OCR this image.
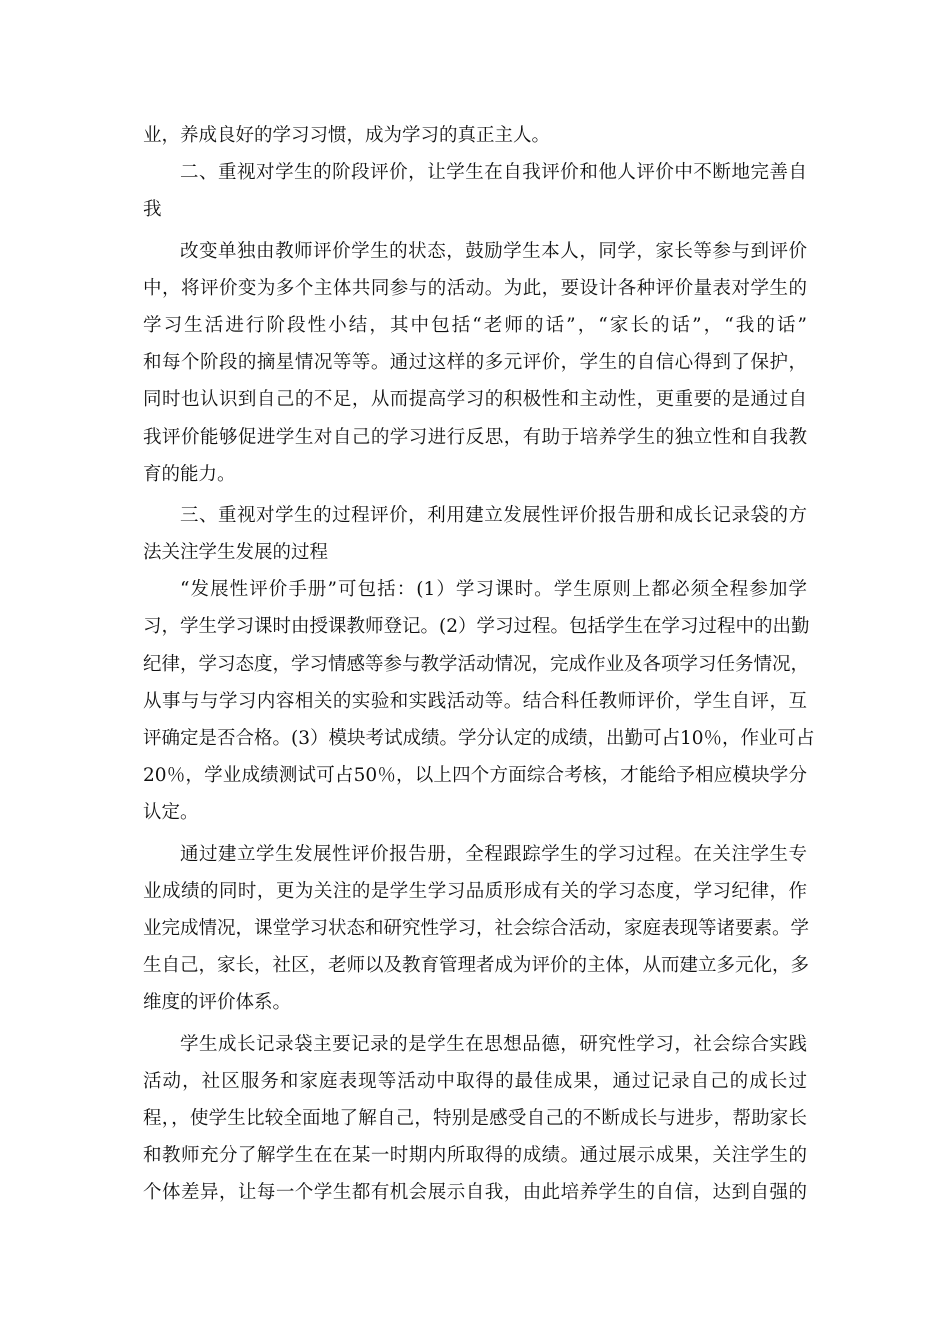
业，养成良好的学习习惯，成为学习的真正主人。
二、重视对学生的阶段评价，让学生在自我评价和他人评价中不断地完善自
我
改变单独由教师评价学生的状态，鼓励学生本人，同学，家长等参与到评价
中，将评价变为多个主体共同参与的活动。为此，要设计各种评价量表对学生的
学习生活进行阶段性小结，其中包括“老师的话”，“家长的话”，“我的话”
和每个阶段的摘星情况等等。通过这样的多元评价，学生的自信心得到了保护，
同时也认识到自己的不足，从而提高学习的积极性和主动性，更重要的是通过自
我评价能够促进学生对自己的学习进行反思，有助于培养学生的独立性和自我教
育的能力。
三、重视对学生的过程评价，利用建立发展性评价报告册和成长记录袋的方
法关注学生发展的过程
“发展性评价手册”可包括：(1）学习课时。学生原则上都必须全程参加学
习，学生学习课时由授课教师登记。(2）学习过程。包括学生在学习过程中的出勤
纪律，学习态度，学习情感等参与教学活动情况，完成作业及各项学习任务情况，
从事与与学习内容相关的实验和实践活动等。结合科任教师评价，学生自评，互
评确定是否合格。(3）模块考试成绩。学分认定的成绩，出勤可占10％，作业可占
20％，学业成绩测试可占50％，以上四个方面综合考核，才能给予相应模块学分
认定。
通过建立学生发展性评价报告册，全程跟踪学生的学习过程。在关注学生专
业成绩的同时，更为关注的是学生学习品质形成有关的学习态度，学习纪律，作
业完成情况，课堂学习状态和研究性学习，社会综合活动，家庭表现等诸要素。学
生自己，家长，社区，老师以及教育管理者成为评价的主体，从而建立多元化，多
维度的评价体系。
学生成长记录袋主要记录的是学生在思想品德，研究性学习，社会综合实践
活动，社区服务和家庭表现等活动中取得的最佳成果，通过记录自己的成长过
程，，使学生比较全面地了解自己，特别是感受自己的不断成长与进步，帮助家长
和教师充分了解学生在在某一时期内所取得的成绩。通过展示成果，关注学生的
个体差异，让每一个学生都有机会展示自我，由此培养学生的自信，达到自强的
